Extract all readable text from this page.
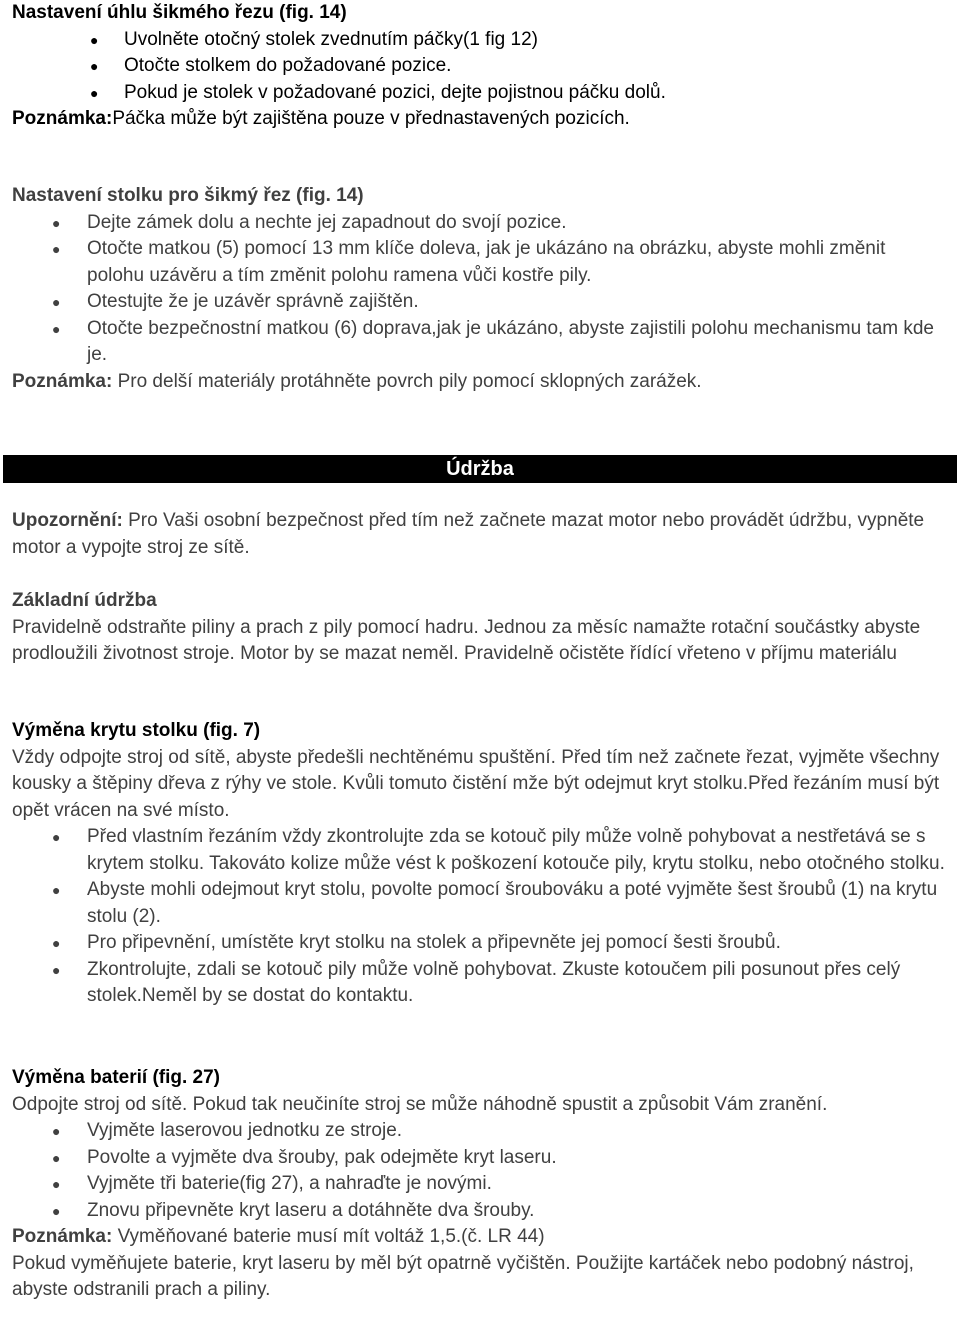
Nastavení úhlu šikmého řezu (fig. 14)
● Uvolněte otočný stolek zvednutím páčky(1 fig 12)
● Otočte stolkem do požadované pozice.
● Pokud je stolek v požadované pozici, dejte pojistnou páčku dolů.
Poznámka:Páčka může být zajištěna pouze v přednastavených pozicích.
Nastavení stolku pro šikmý řez (fig. 14)
● Dejte zámek dolu a nechte jej zapadnout do svojí pozice.
● Otočte matkou (5) pomocí 13 mm klíče doleva, jak je ukázáno na obrázku, abyste mohli změnit polohu uzávěru a tím změnit polohu ramena vůči kostře pily.
● Otestujte že je uzávěr správně zajištěn.
● Otočte bezpečnostní matkou (6) doprava,jak je ukázáno, abyste zajistili polohu mechanismu tam kde je.
Poznámka: Pro delší materiály protáhněte povrch pily pomocí sklopných zarážek.
Údržba
Upozornění: Pro Vaši osobní bezpečnost před tím než začnete mazat motor nebo provádět údržbu, vypněte motor a vypojte stroj ze sítě.
Základní údržba
Pravidelně odstraňte piliny a prach z pily pomocí hadru. Jednou za měsíc namažte rotační součástky abyste prodloužili životnost stroje. Motor by se mazat neměl. Pravidelně očistěte řídící vřeteno v příjmu materiálu
Výměna krytu stolku (fig. 7)
Vždy odpojte stroj od sítě, abyste předešli nechtěnému spuštění. Před tím než začnete řezat, vyjměte všechny kousky a štěpiny dřeva z rýhy ve stole. Kvůli tomuto čistění mže být odejmut kryt stolku.Před řezáním musí být opět vrácen na své místo.
● Před vlastním řezáním vždy zkontrolujte zda se kotouč pily může volně pohybovat a nestřetává se s krytem stolku. Takováto kolize může vést k poškození kotouče pily, krytu stolku, nebo otočného stolku.
● Abyste mohli odejmout kryt stolu, povolte pomocí šroubováku a poté vyjměte šest šroubů (1) na krytu stolu (2).
● Pro připevnění, umístěte kryt stolku na stolek a připevněte jej pomocí šesti šroubů.
● Zkontrolujte, zdali se kotouč pily může volně pohybovat. Zkuste kotoučem pili posunout přes celý stolek.Neměl by se dostat do kontaktu.
Výměna baterií (fig. 27)
Odpojte stroj od sítě. Pokud tak neučiníte stroj se může náhodně spustit a způsobit Vám zranění.
● Vyjměte laserovou jednotku ze stroje.
● Povolte a vyjměte dva šrouby, pak odejměte kryt laseru.
● Vyjměte tři baterie(fig 27), a nahraďte je novými.
● Znovu připevněte kryt laseru a dotáhněte dva šrouby.
Poznámka: Vyměňované baterie musí mít voltáž 1,5.(č. LR 44)
Pokud vyměňujete baterie, kryt laseru by měl být opatrně vyčištěn. Použijte kartáček nebo podobný nástroj, abyste odstranili prach a piliny.
